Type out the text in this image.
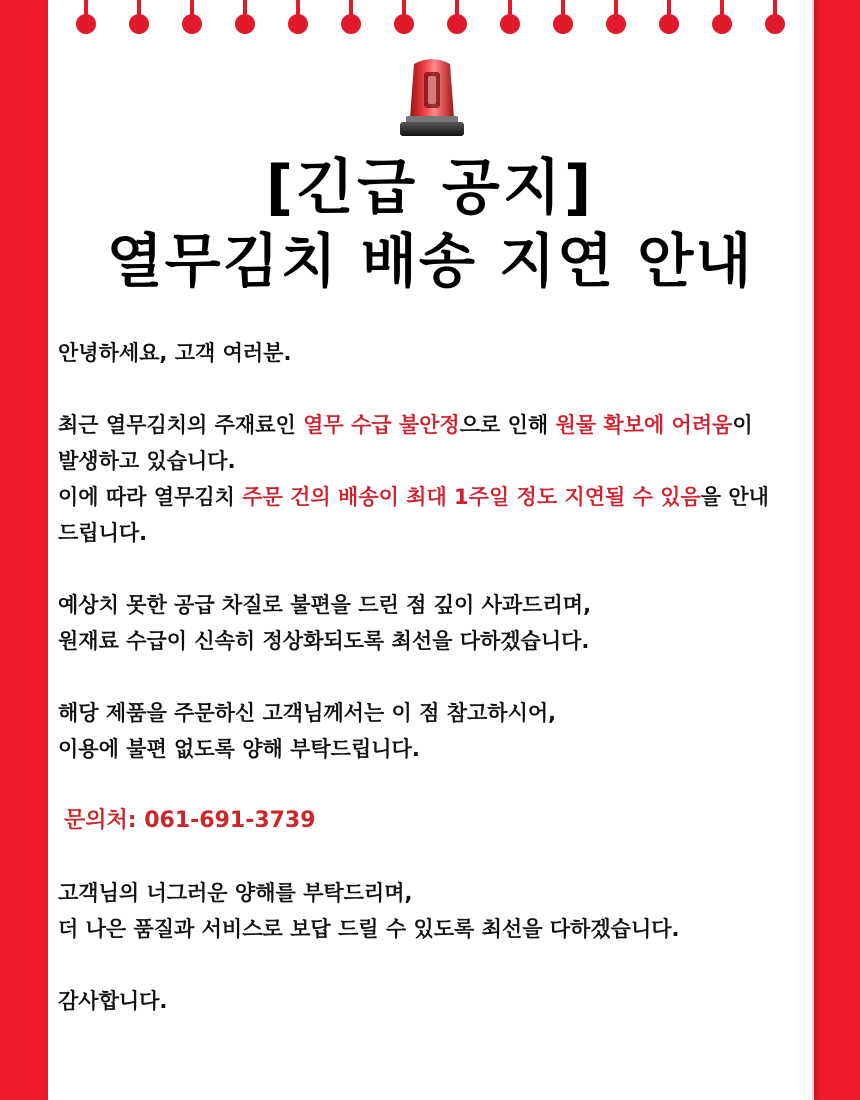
[긴급 공지]
열무김치 배송 지연 안내

안녕하세요, 고객 여러분.

최근 열무김치의 주재료인 열무 수급 불안정으로 인해 원물 확보에 어려움이

발생하고 있습니다.

이에 따라 열무김치 주문 건의 배송이 최대 1주일 정도 지연될 수 있음을 안내

드립니다.

예상치 못한 공급 차질로 불편을 드린 점 깊이 사과드리며,

원재료 수급이 신속히 정상화되도록 최선을 다하겠습니다.

해당 제품을 주문하신 고객님께서는 이 점 참고하시어,

이용에 불편 없도록 양해 부탁드립니다.

문의처: 061-691-3739

고객님의 너그러운 양해를 부탁드리며,

더 나은 품질과 서비스로 보답 드릴 수 있도록 최선을 다하겠습니다.

감사합니다.
